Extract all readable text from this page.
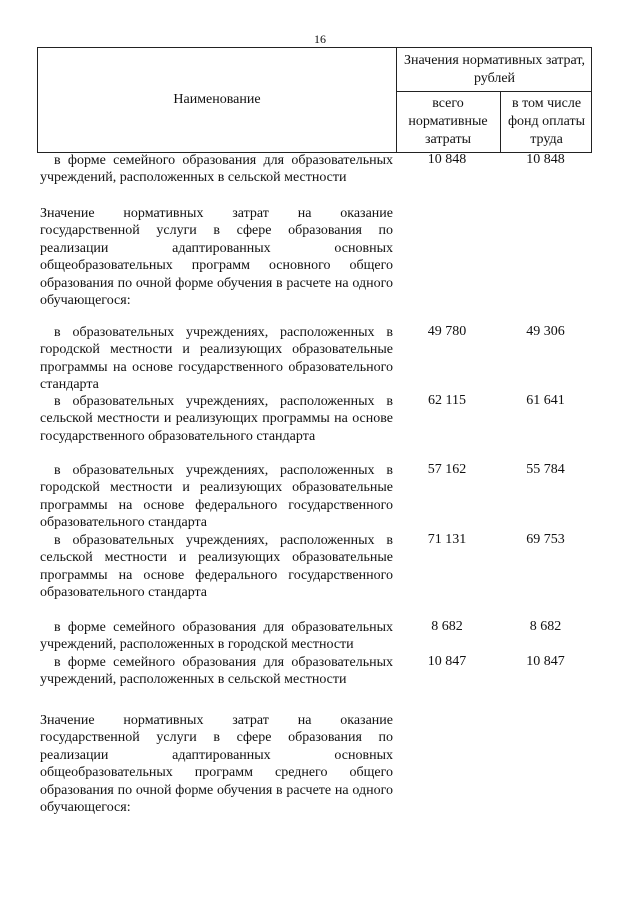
16
Наименование
Значения нормативных затрат, рублей
всего нормативные затраты
в том числе фонд оплаты труда
в форме семейного образования для образовательных учреждений, расположенных в сельской местности
10 848	10 848
Значение нормативных затрат на оказание государственной услуги в сфере образования по реализации адаптированных основных общеобразовательных программ основного общего образования по очной форме обучения в расчете на одного обучающегося:
в образовательных учреждениях, расположенных в городской местности и реализующих образовательные программы на основе государственного образовательного стандарта
49 780	49 306
в образовательных учреждениях, расположенных в сельской местности и реализующих программы на основе государственного образовательного стандарта
62 115	61 641
в образовательных учреждениях, расположенных в городской местности и реализующих образовательные программы на основе федерального государственного образовательного стандарта
57 162	55 784
в образовательных учреждениях, расположенных в сельской местности и реализующих образовательные программы на основе федерального государственного образовательного стандарта
71 131	69 753
в форме семейного образования для образовательных учреждений, расположенных в городской местности
8 682	8 682
в форме семейного образования для образовательных учреждений, расположенных в сельской местности
10 847	10 847
Значение нормативных затрат на оказание государственной услуги в сфере образования по реализации адаптированных основных общеобразовательных программ среднего общего образования по очной форме обучения в расчете на одного обучающегося:
